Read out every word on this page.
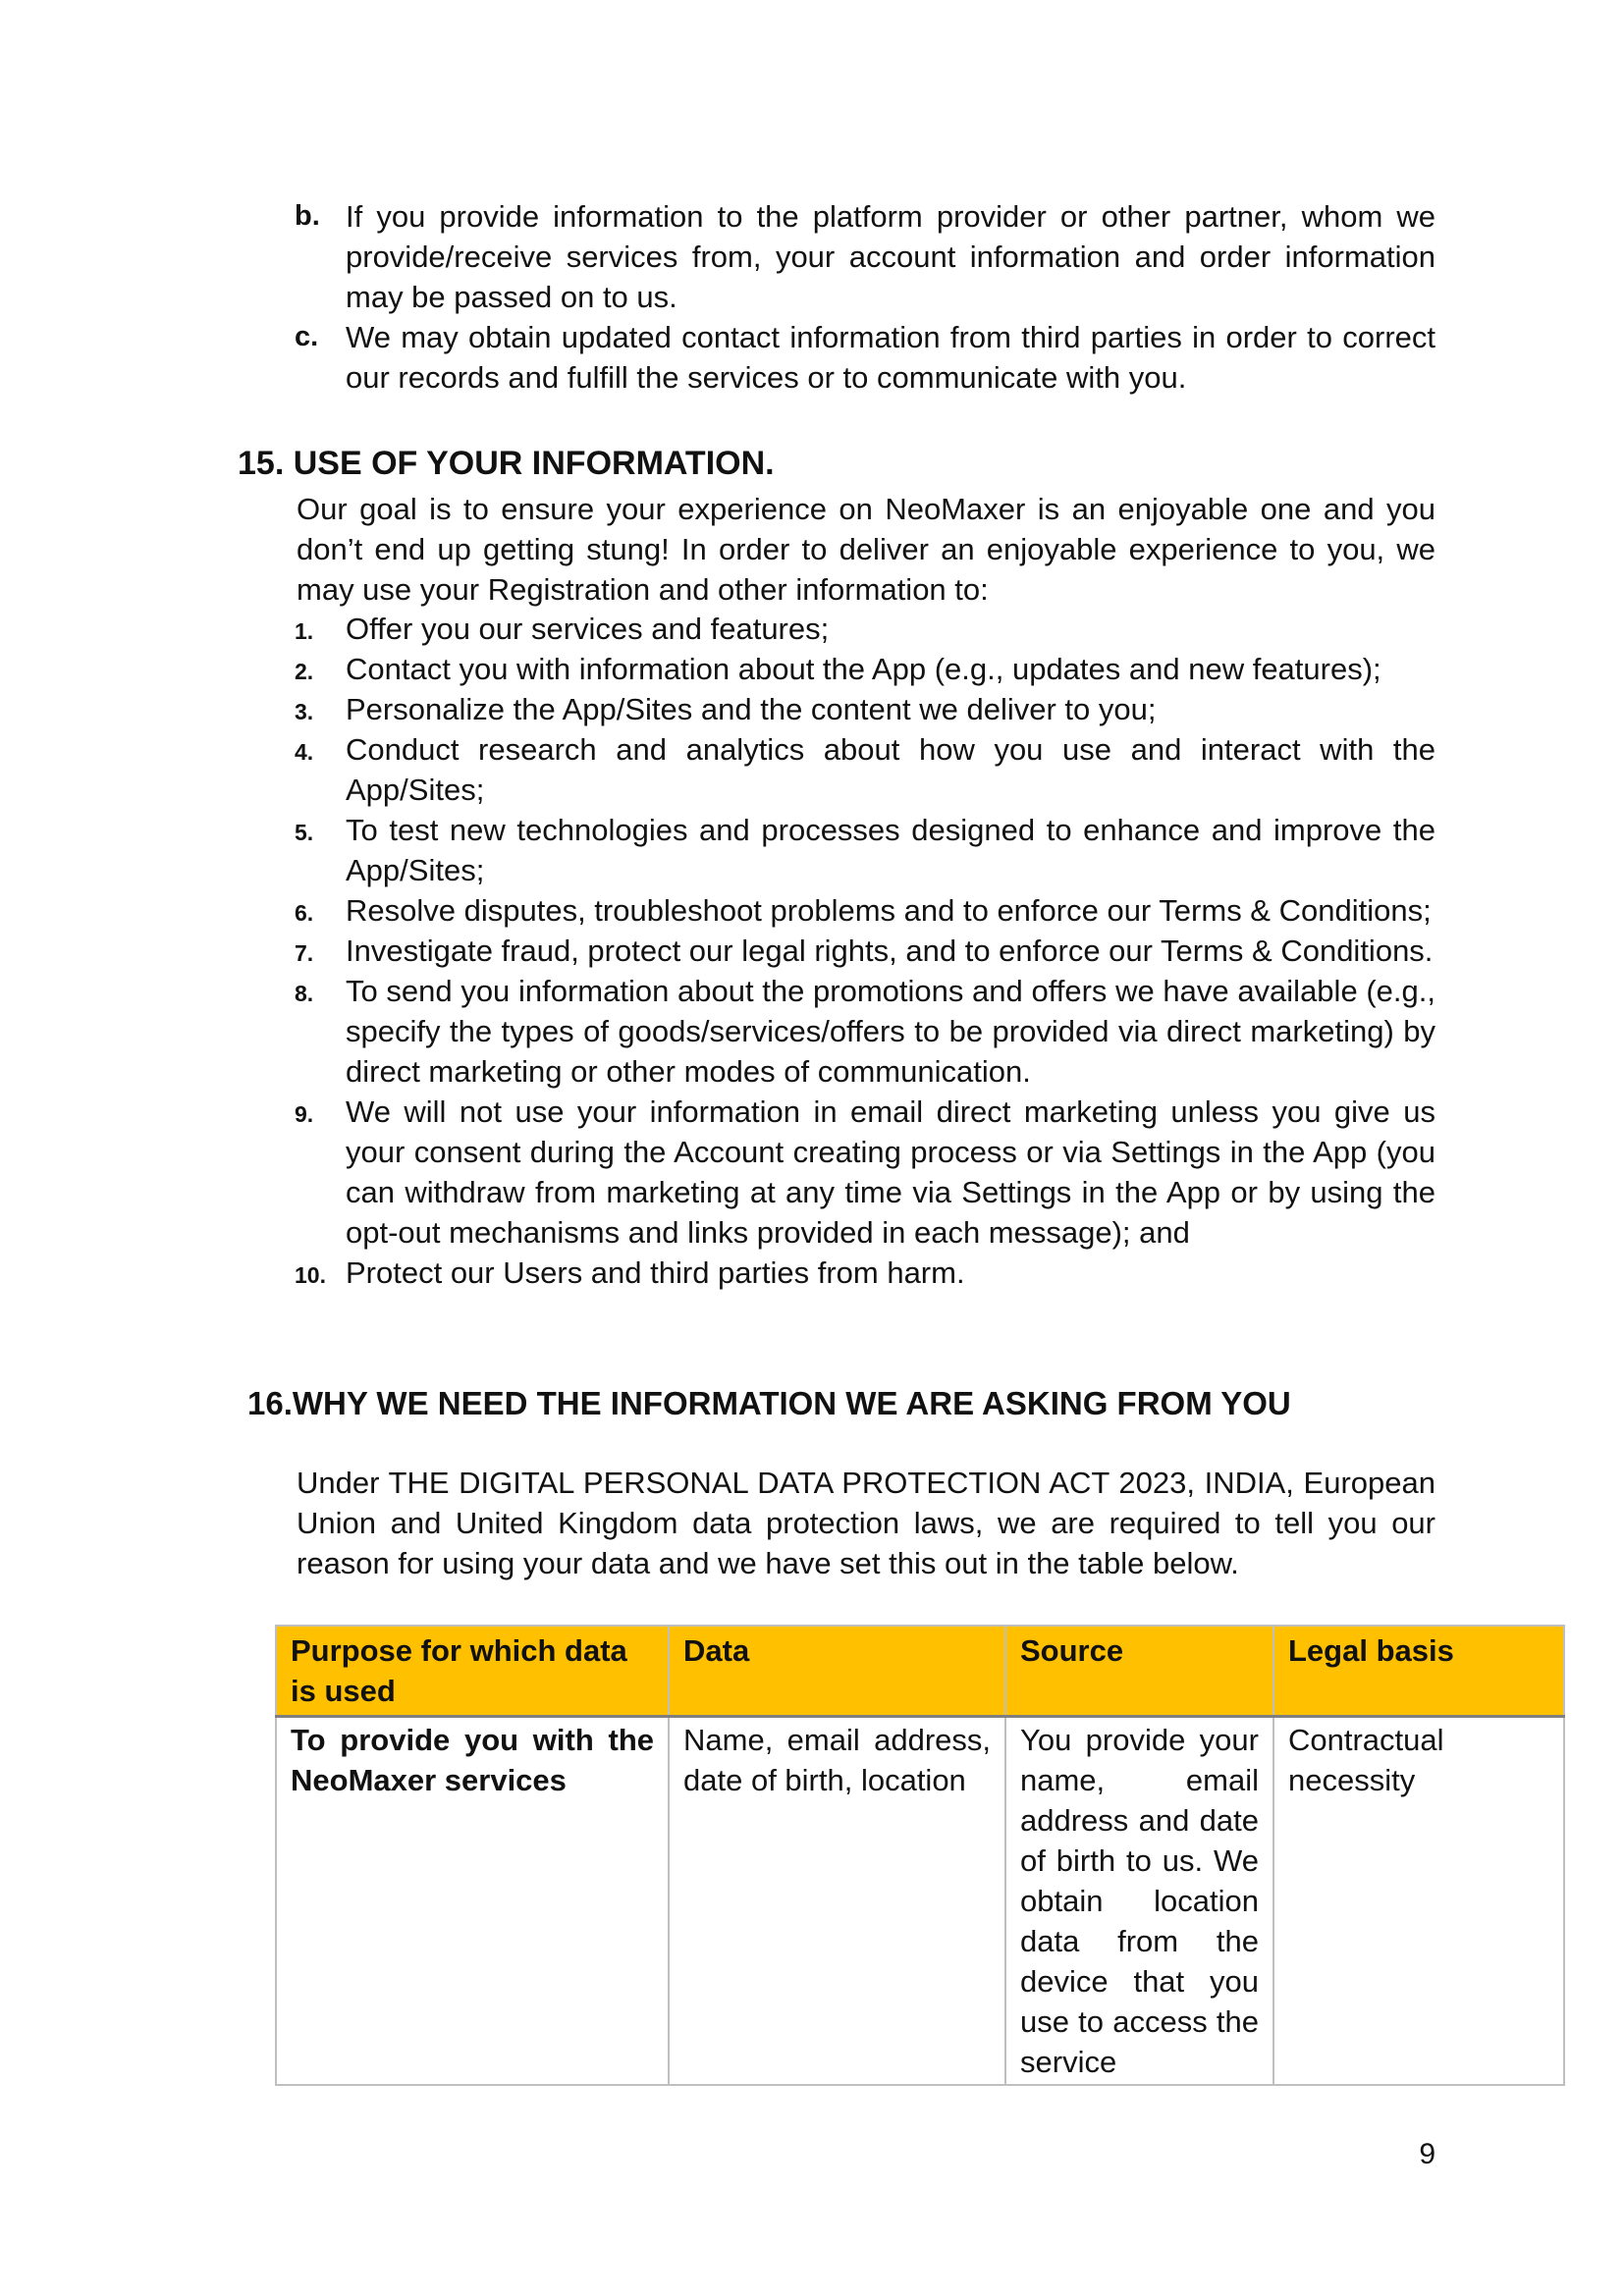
b. If you provide information to the platform provider or other partner, whom we provide/receive services from, your account information and order information may be passed on to us.
c. We may obtain updated contact information from third parties in order to correct our records and fulfill the services or to communicate with you.
15. USE OF YOUR INFORMATION.

Our goal is to ensure your experience on NeoMaxer is an enjoyable one and you don’t end up getting stung! In order to deliver an enjoyable experience to you, we may use your Registration and other information to:

1. Offer you our services and features;
2. Contact you with information about the App (e.g., updates and new features);
3. Personalize the App/Sites and the content we deliver to you;
4. Conduct research and analytics about how you use and interact with the App/Sites;
5. To test new technologies and processes designed to enhance and improve the App/Sites;
6. Resolve disputes, troubleshoot problems and to enforce our Terms & Conditions;
7. Investigate fraud, protect our legal rights, and to enforce our Terms & Conditions.
8. To send you information about the promotions and offers we have available (e.g., specify the types of goods/services/offers to be provided via direct marketing) by direct marketing or other modes of communication.
9. We will not use your information in email direct marketing unless you give us your consent during the Account creating process or via Settings in the App (you can withdraw from marketing at any time via Settings in the App or by using the opt-out mechanisms and links provided in each message); and
10. Protect our Users and third parties from harm.
16.WHY WE NEED THE INFORMATION WE ARE ASKING FROM YOU

Under THE DIGITAL PERSONAL DATA PROTECTION ACT 2023, INDIA, European Union and United Kingdom data protection laws, we are required to tell you our reason for using your data and we have set this out in the table below.

Purpose for which data is used	Data	Source	Legal basis
To provide you with the NeoMaxer services	Name, email address, date of birth, location	You provide your name, email address and date of birth to us. We obtain location data from the device that you use to access the service	Contractual necessity
9
